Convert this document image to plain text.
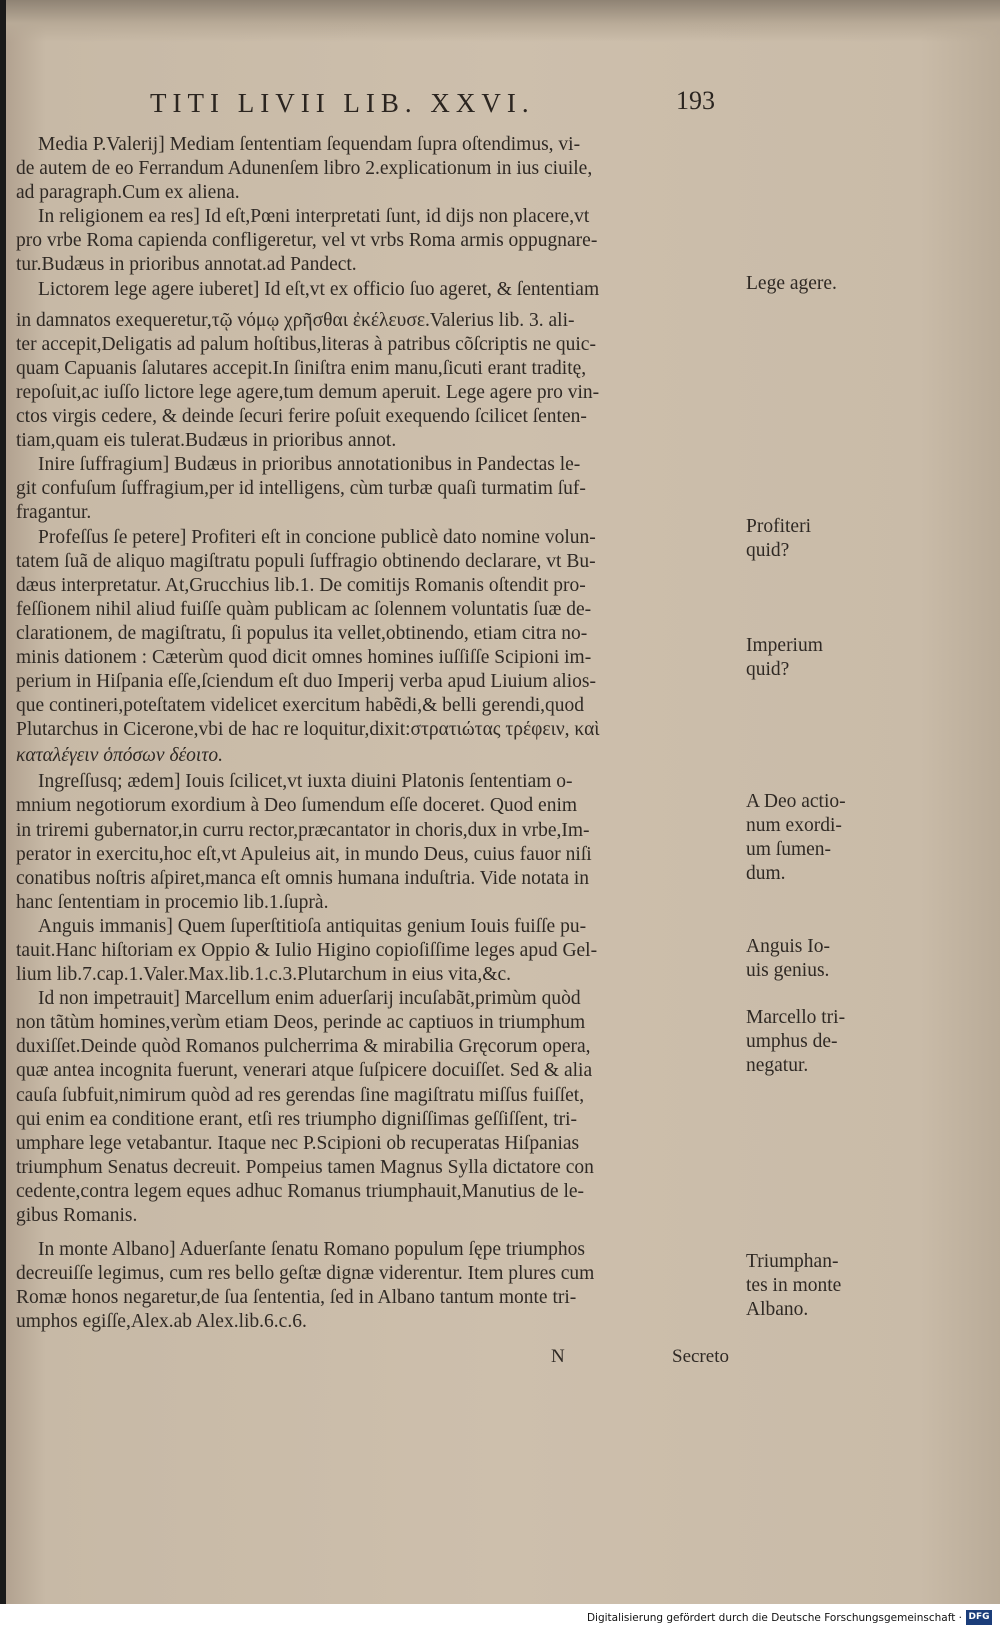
TITI LIVII LIB. XXVI.	193
Media P.Valerij] Mediam ſententiam ſequendam ſupra oſtendimus, vi-
de autem de eo Ferrandum Adunenſem libro 2.explicationum in ius ciuile,
ad paragraph.Cum ex aliena.
In religionem ea res] Id eſt,Pœni interpretati ſunt, id dijs non placere,vt
pro vrbe Roma capienda confligeretur, vel vt vrbs Roma armis oppugnare-
tur.Budæus in prioribus annotat.ad Pandect.
Lictorem lege agere iuberet] Id eſt,vt ex officio ſuo ageret, & ſententiam
in damnatos exequeretur,τῷ νόμῳ χρῆσθαι ἐκέλευσε.Valerius lib. 3. ali-
ter accepit,Deligatis ad palum hoſtibus,literas à patribus cõſcriptis ne quic-
quam Capuanis ſalutares accepit.In ſiniſtra enim manu,ſicuti erant traditę,
repoſuit,ac iuſſo lictore lege agere,tum demum aperuit. Lege agere pro vin-
ctos virgis cedere, & deinde ſecuri ferire poſuit exequendo ſcilicet ſenten-
tiam,quam eis tulerat.Budæus in prioribus annot.
Inire ſuffragium] Budæus in prioribus annotationibus in Pandectas le-
git confuſum ſuffragium,per id intelligens, cùm turbæ quaſi turmatim ſuf-
fragantur.
Profeſſus ſe petere] Profiteri eſt in concione publicè dato nomine volun-
tatem ſuã de aliquo magiſtratu populi ſuffragio obtinendo declarare, vt Bu-
dæus interpretatur. At,Grucchius lib.1. De comitijs Romanis oſtendit pro-
feſſionem nihil aliud fuiſſe quàm publicam ac ſolennem voluntatis ſuæ de-
clarationem, de magiſtratu, ſi populus ita vellet,obtinendo, etiam citra no-
minis dationem : Cæterùm quod dicit omnes homines iuſſiſſe Scipioni im-
perium in Hiſpania eſſe,ſciendum eſt duo Imperij verba apud Liuium alios-
que contineri,poteſtatem videlicet exercitum habẽdi,& belli gerendi,quod
Plutarchus in Cicerone,vbi de hac re loquitur,dixit:στρατιώτας τρέφειν, καὶ
καταλέγειν ὁπόσων δέοιτο.
Ingreſſusq; ædem] Iouis ſcilicet,vt iuxta diuini Platonis ſententiam o-
mnium negotiorum exordium à Deo ſumendum eſſe doceret. Quod enim
in triremi gubernator,in curru rector,præcantator in choris,dux in vrbe,Im-
perator in exercitu,hoc eſt,vt Apuleius ait, in mundo Deus, cuius fauor niſi
conatibus noſtris aſpiret,manca eſt omnis humana induſtria. Vide notata in
hanc ſententiam in procemio lib.1.ſuprà.
Anguis immanis] Quem ſuperſtitioſa antiquitas genium Iouis fuiſſe pu-
tauit.Hanc hiſtoriam ex Oppio & Iulio Higino copioſiſſime leges apud Gel-
lium lib.7.cap.1.Valer.Max.lib.1.c.3.Plutarchum in eius vita,&c.
Id non impetrauit] Marcellum enim aduerſarij incuſabãt,primùm quòd
non tãtùm homines,verùm etiam Deos, perinde ac captiuos in triumphum
duxiſſet.Deinde quòd Romanos pulcherrima & mirabilia Gręcorum opera,
quæ antea incognita fuerunt, venerari atque ſuſpicere docuiſſet. Sed & alia
cauſa ſubfuit,nimirum quòd ad res gerendas ſine magiſtratu miſſus fuiſſet,
qui enim ea conditione erant, etſi res triumpho digniſſimas geſſiſſent, tri-
umphare lege vetabantur. Itaque nec P.Scipioni ob recuperatas Hiſpanias
triumphum Senatus decreuit. Pompeius tamen Magnus Sylla dictatore con
cedente,contra legem eques adhuc Romanus triumphauit,Manutius de le-
gibus Romanis.
In monte Albano] Aduerſante ſenatu Romano populum ſępe triumphos
decreuiſſe legimus, cum res bello geſtæ dignæ viderentur. Item plures cum
Romæ honos negaretur,de ſua ſententia, ſed in Albano tantum monte tri-
umphos egiſſe,Alex.ab Alex.lib.6.c.6.
Lege agere.
Profiteri
quid?
Imperium
quid?
A Deo actio-
num exordi-
um ſumen-
dum.
Anguis Io-
uis genius.
Marcello tri-
umphus de-
negatur.
Triumphan-
tes in monte
Albano.
N	Secreto
Digitalisierung gefördert durch die Deutsche Forschungsgemeinschaft · DFG
